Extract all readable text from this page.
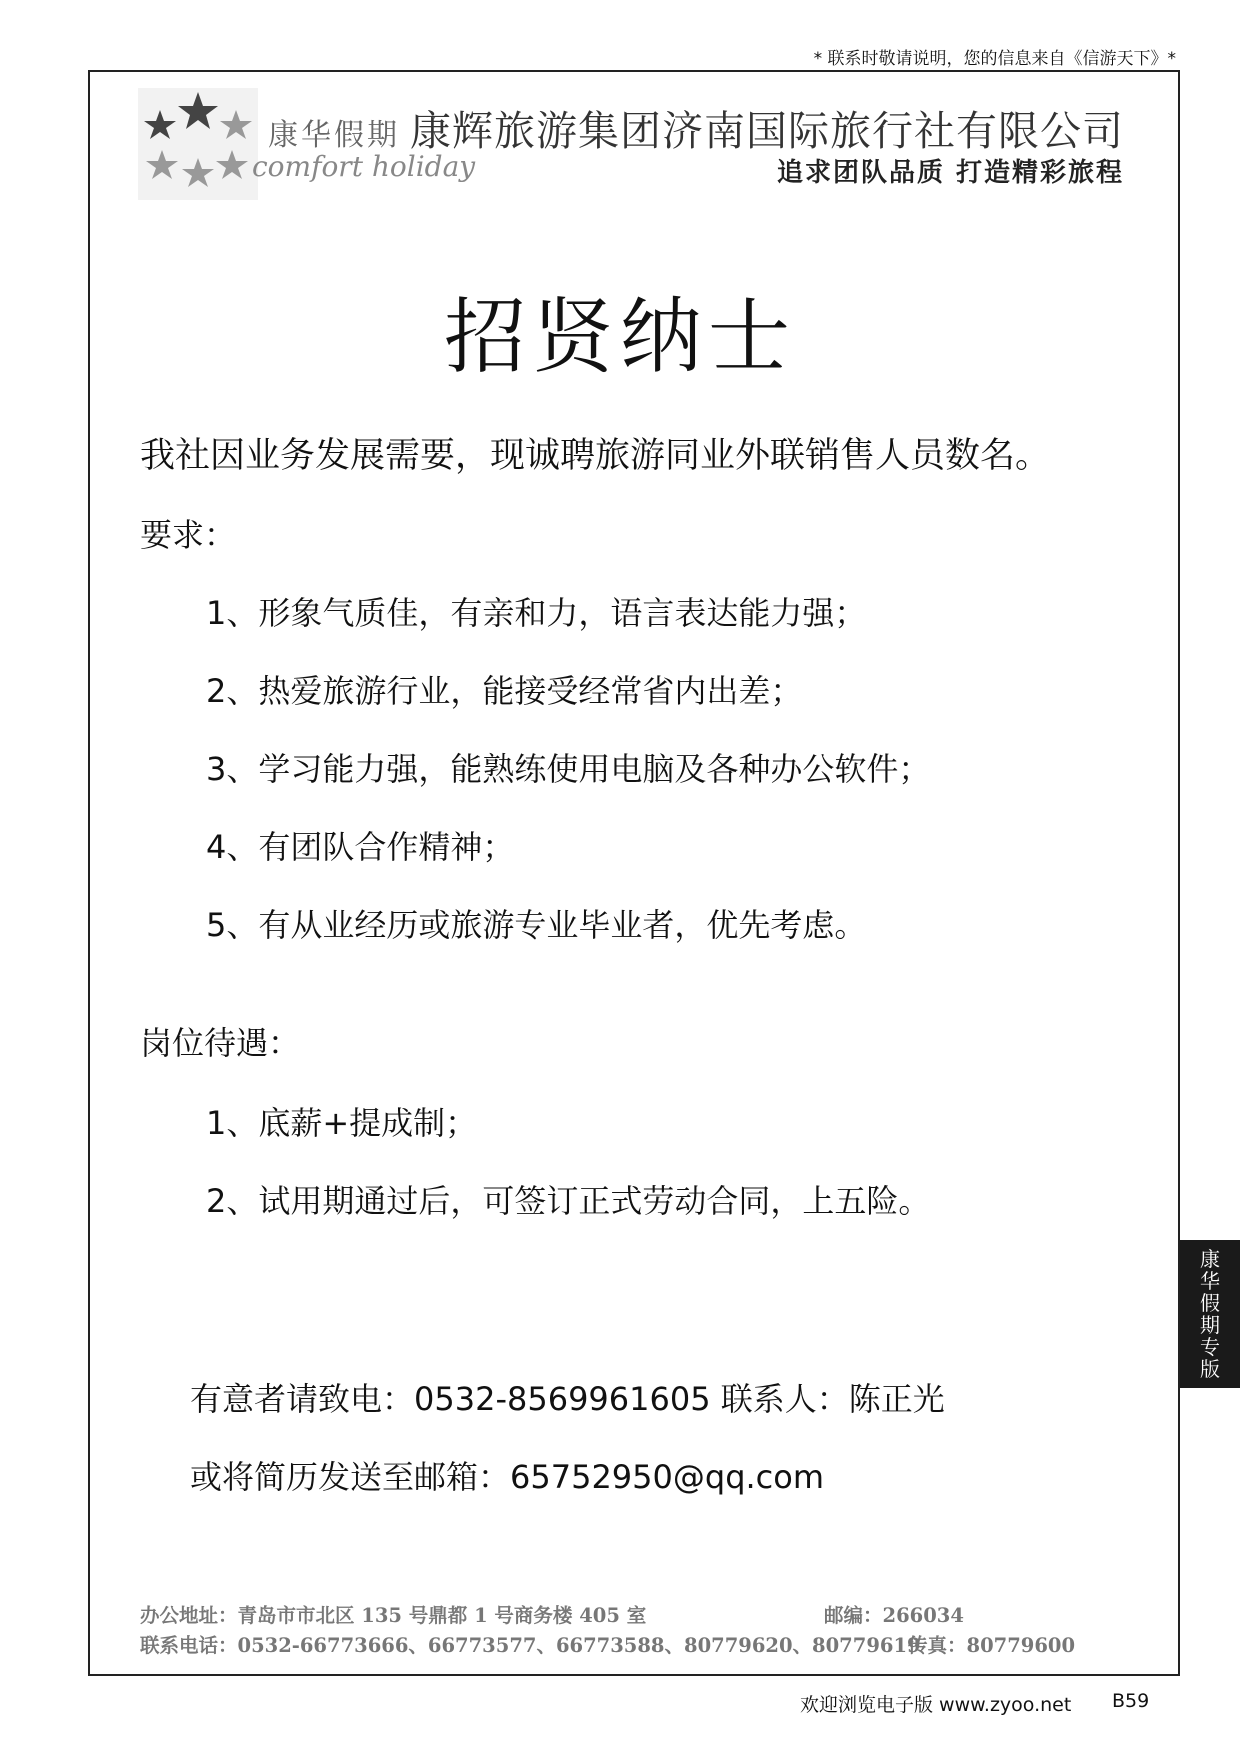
* 联系时敬请说明，您的信息来自《信游天下》*
康华假期
comfort holiday
康辉旅游集团济南国际旅行社有限公司
追求团队品质 打造精彩旅程
招贤纳士
我社因业务发展需要，现诚聘旅游同业外联销售人员数名。
要求：
1、形象气质佳，有亲和力，语言表达能力强；
2、热爱旅游行业，能接受经常省内出差；
3、学习能力强，能熟练使用电脑及各种办公软件；
4、有团队合作精神；
5、有从业经历或旅游专业毕业者，优先考虑。
岗位待遇：
1、底薪+提成制；
2、试用期通过后，可签订正式劳动合同，上五险。
有意者请致电：0532-8569961605 联系人：陈正光
或将简历发送至邮箱：65752950@qq.com
办公地址：青岛市市北区 135 号鼎都 1 号商务楼 405 室	邮编：266034
联系电话：0532-66773666、66773577、66773588、80779620、80779619
传真：80779600
康
华
假
期
专
版
欢迎浏览电子版 www.zyoo.net B59
